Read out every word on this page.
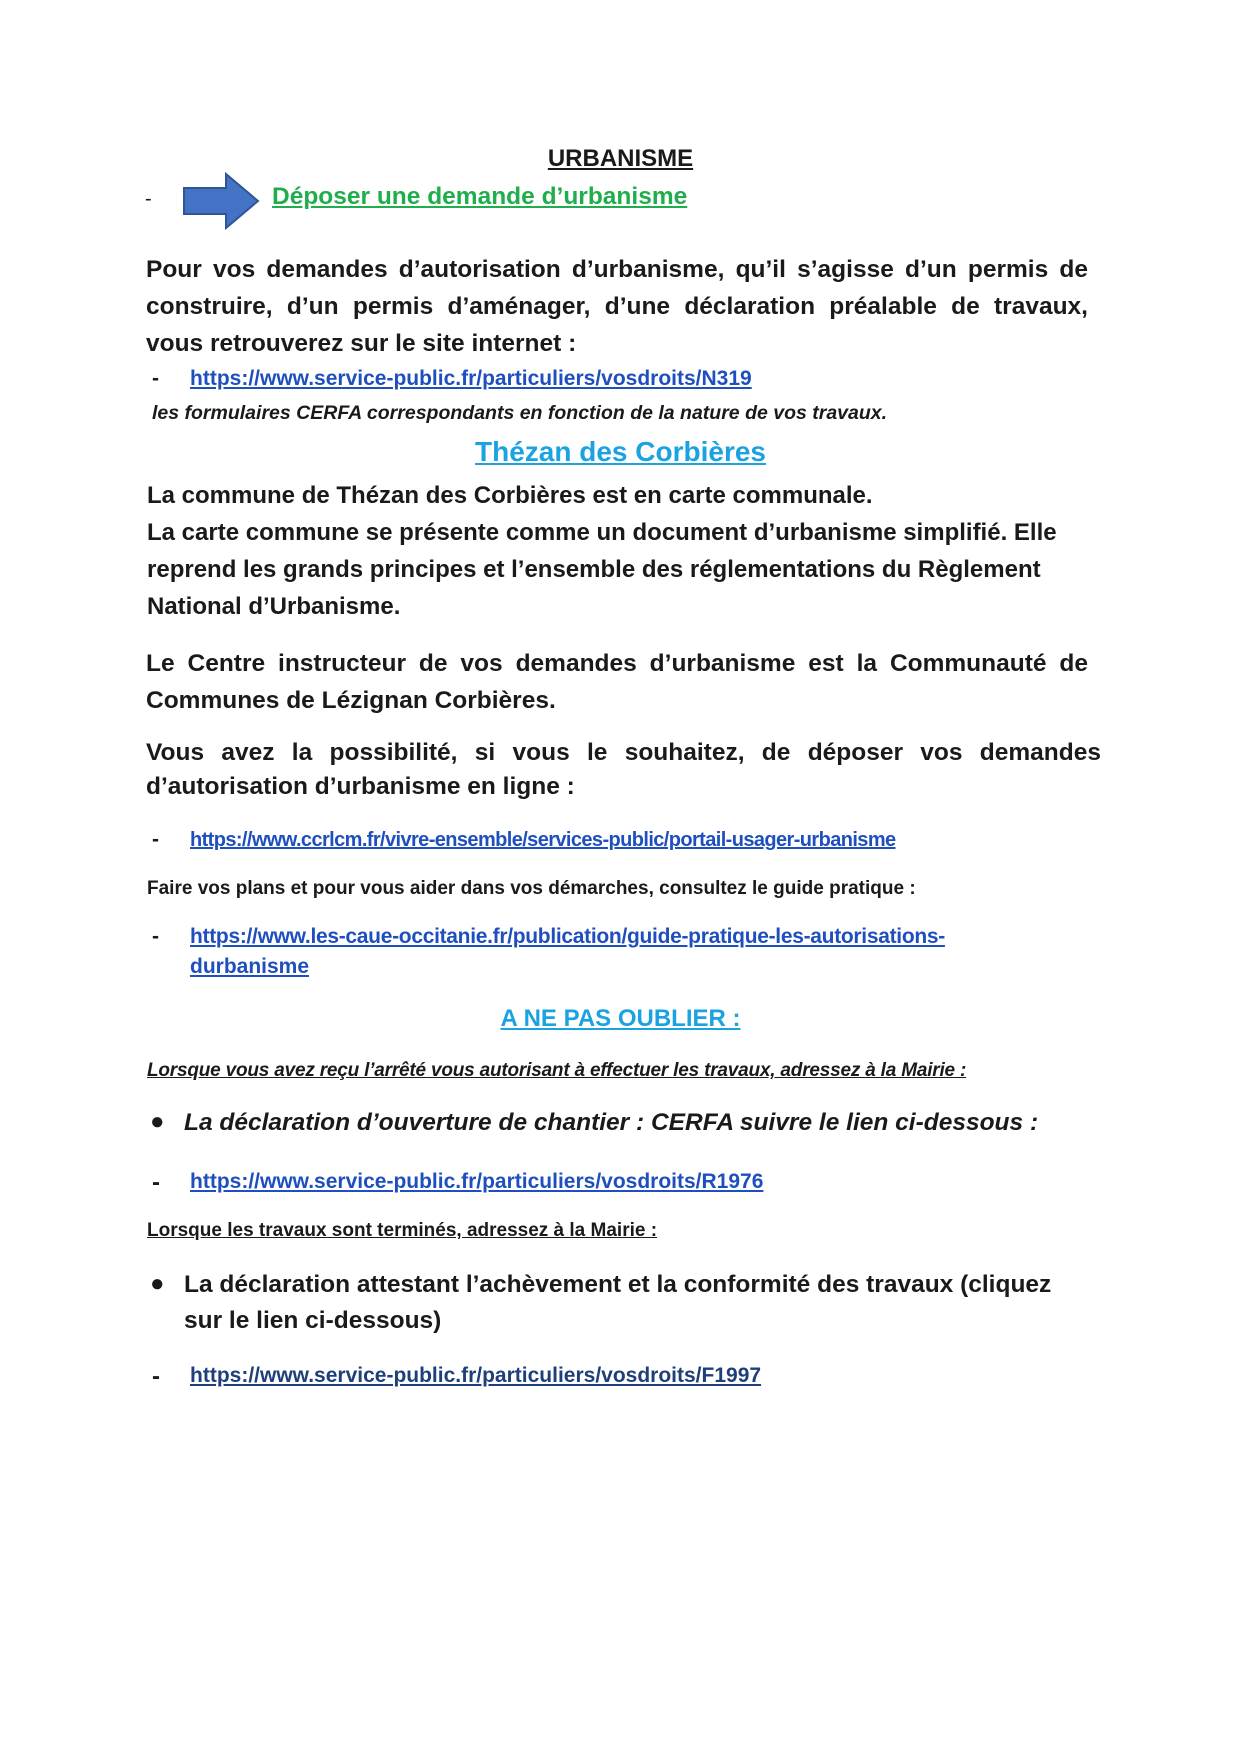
URBANISME
-	Déposer une demande d’urbanisme
Pour vos demandes d’autorisation d’urbanisme, qu’il s’agisse d’un permis de construire, d’un permis d’aménager, d’une déclaration préalable de travaux, vous retrouverez sur le site internet :
- https://www.service-public.fr/particuliers/vosdroits/N319
les formulaires CERFA correspondants en fonction de la nature de vos travaux.
Thézan des Corbières
La commune de Thézan des Corbières est en carte communale.
La carte commune se présente comme un document d’urbanisme simplifié. Elle reprend les grands principes et l’ensemble des réglementations du Règlement National d’Urbanisme.
Le Centre instructeur de vos demandes d’urbanisme est la Communauté de Communes de Lézignan Corbières.
Vous avez la possibilité, si vous le souhaitez, de déposer vos demandes d’autorisation d’urbanisme en ligne :
- https://www.ccrlcm.fr/vivre-ensemble/services-public/portail-usager-urbanisme
Faire vos plans et pour vous aider dans vos démarches, consultez le guide pratique :
- https://www.les-caue-occitanie.fr/publication/guide-pratique-les-autorisations-
durbanisme
A NE PAS OUBLIER :
Lorsque vous avez reçu l’arrêté vous autorisant à effectuer les travaux, adressez à la Mairie :
● La déclaration d’ouverture de chantier : CERFA suivre le lien ci-dessous :
- https://www.service-public.fr/particuliers/vosdroits/R1976
Lorsque les travaux sont terminés, adressez à la Mairie :
● La déclaration attestant l’achèvement et la conformité des travaux (cliquez
sur le lien ci-dessous)
- https://www.service-public.fr/particuliers/vosdroits/F1997
